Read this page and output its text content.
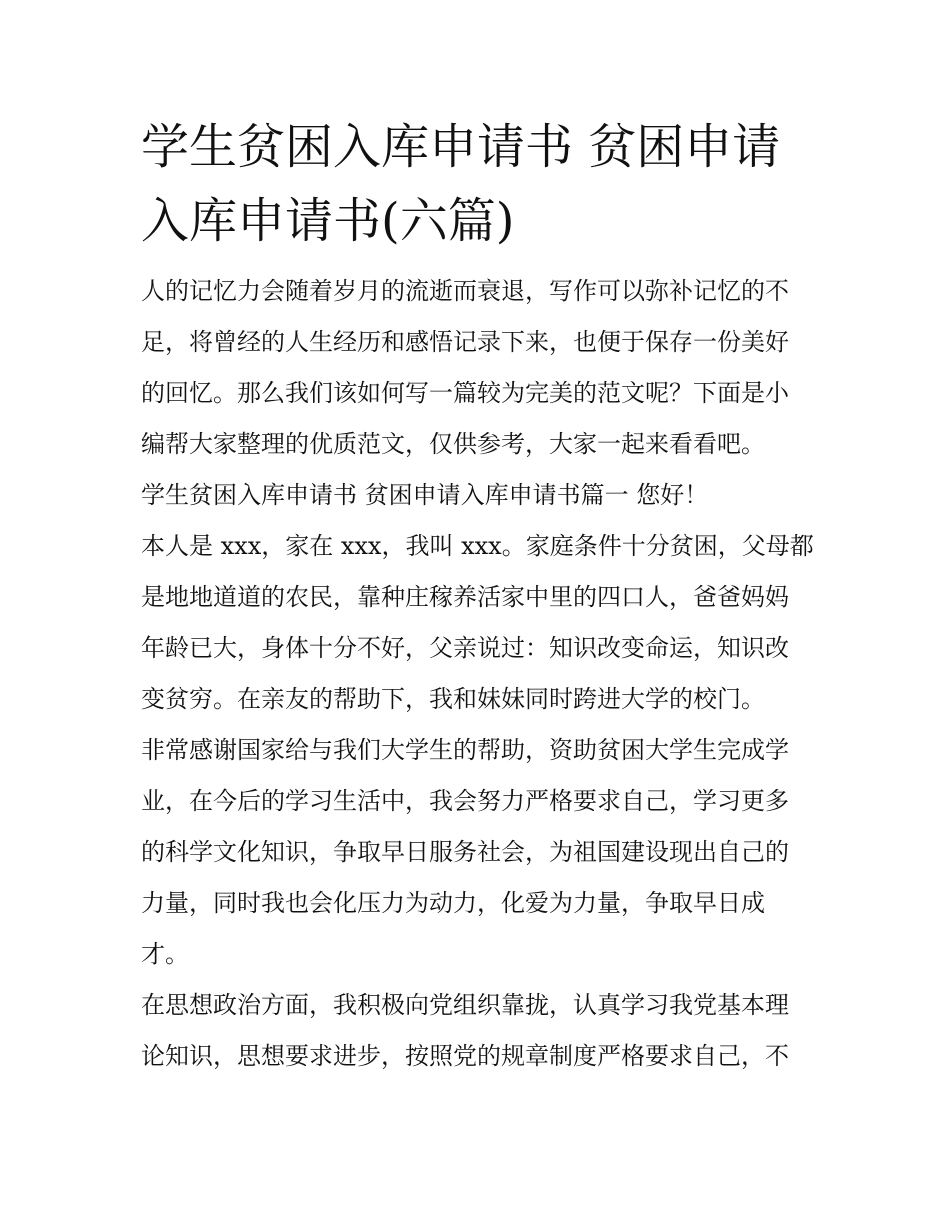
学生贫困入库申请书 贫困申请
入库申请书(六篇)

人的记忆力会随着岁月的流逝而衰退，写作可以弥补记忆的不
足，将曾经的人生经历和感悟记录下来，也便于保存一份美好
的回忆。那么我们该如何写一篇较为完美的范文呢？下面是小
编帮大家整理的优质范文，仅供参考，大家一起来看看吧。

学生贫困入库申请书 贫困申请入库申请书篇一 您好！

本人是 xxx，家在 xxx，我叫 xxx。家庭条件十分贫困，父母都
是地地道道的农民，靠种庄稼养活家中里的四口人，爸爸妈妈
年龄已大，身体十分不好，父亲说过：知识改变命运，知识改
变贫穷。在亲友的帮助下，我和妹妹同时跨进大学的校门。

非常感谢国家给与我们大学生的帮助，资助贫困大学生完成学
业，在今后的学习生活中，我会努力严格要求自己，学习更多
的科学文化知识，争取早日服务社会，为祖国建设现出自己的
力量，同时我也会化压力为动力，化爱为力量，争取早日成
才。

在思想政治方面，我积极向党组织靠拢，认真学习我党基本理
论知识，思想要求进步，按照党的规章制度严格要求自己，不
